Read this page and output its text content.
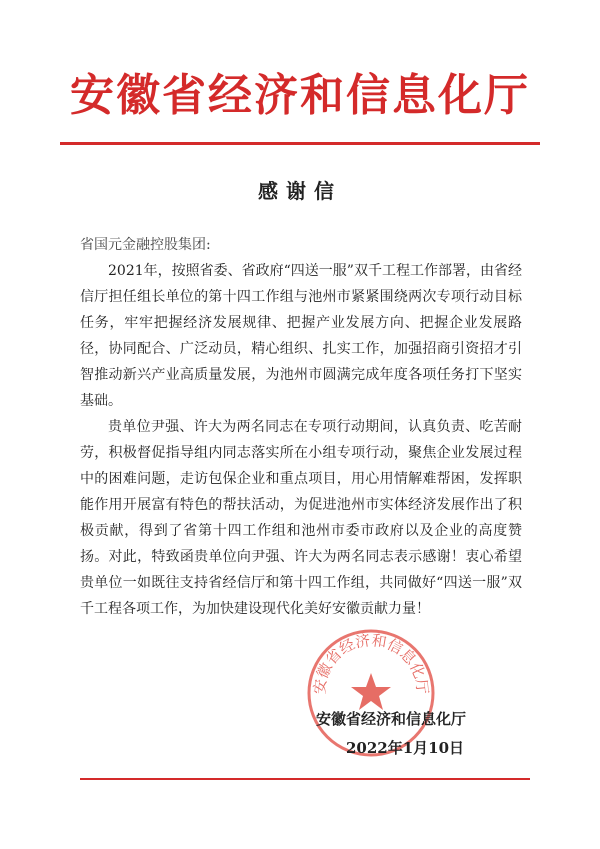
安徽省经济和信息化厅
感谢信

省国元金融控股集团:

2021年，按照省委、省政府“四送一服”双千工程工作部署，由省经信厅担任组长单位的第十四工作组与池州市紧紧围绕两次专项行动目标任务，牢牢把握经济发展规律、把握产业发展方向、把握企业发展路径，协同配合、广泛动员，精心组织、扎实工作，加强招商引资招才引智推动新兴产业高质量发展，为池州市圆满完成年度各项任务打下坚实基础。

贵单位尹强、许大为两名同志在专项行动期间，认真负责、吃苦耐劳，积极督促指导组内同志落实所在小组专项行动，聚焦企业发展过程中的困难问题，走访包保企业和重点项目，用心用情解难帮困，发挥职能作用开展富有特色的帮扶活动，为促进池州市实体经济发展作出了积极贡献，得到了省第十四工作组和池州市委市政府以及企业的高度赞扬。对此，特致函贵单位向尹强、许大为两名同志表示感谢！衷心希望贵单位一如既往支持省经信厅和第十四工作组，共同做好“四送一服”双千工程各项工作，为加快建设现代化美好安徽贡献力量！

安徽省经济和信息化厅
安徽省经济和信息化厅
2022年1月10日
